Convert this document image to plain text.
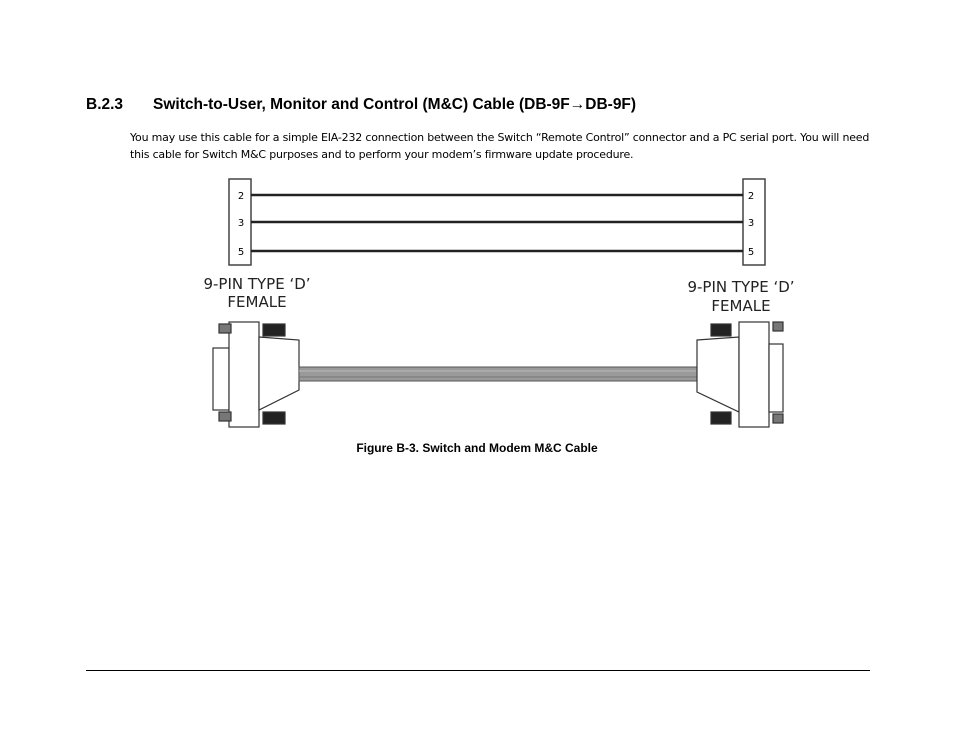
B.2.3 Switch-to-User, Monitor and Control (M&C) Cable (DB-9F→DB-9F)
You may use this cable for a simple EIA-232 connection between the Switch “Remote Control” connector and a PC serial port. You will need this cable for Switch M&C purposes and to perform your modem’s firmware update procedure.
2
3
5
2
3
5
9-PIN TYPE ‘D’
FEMALE
9-PIN TYPE ‘D’
FEMALE
Figure B-3. Switch and Modem M&C Cable
